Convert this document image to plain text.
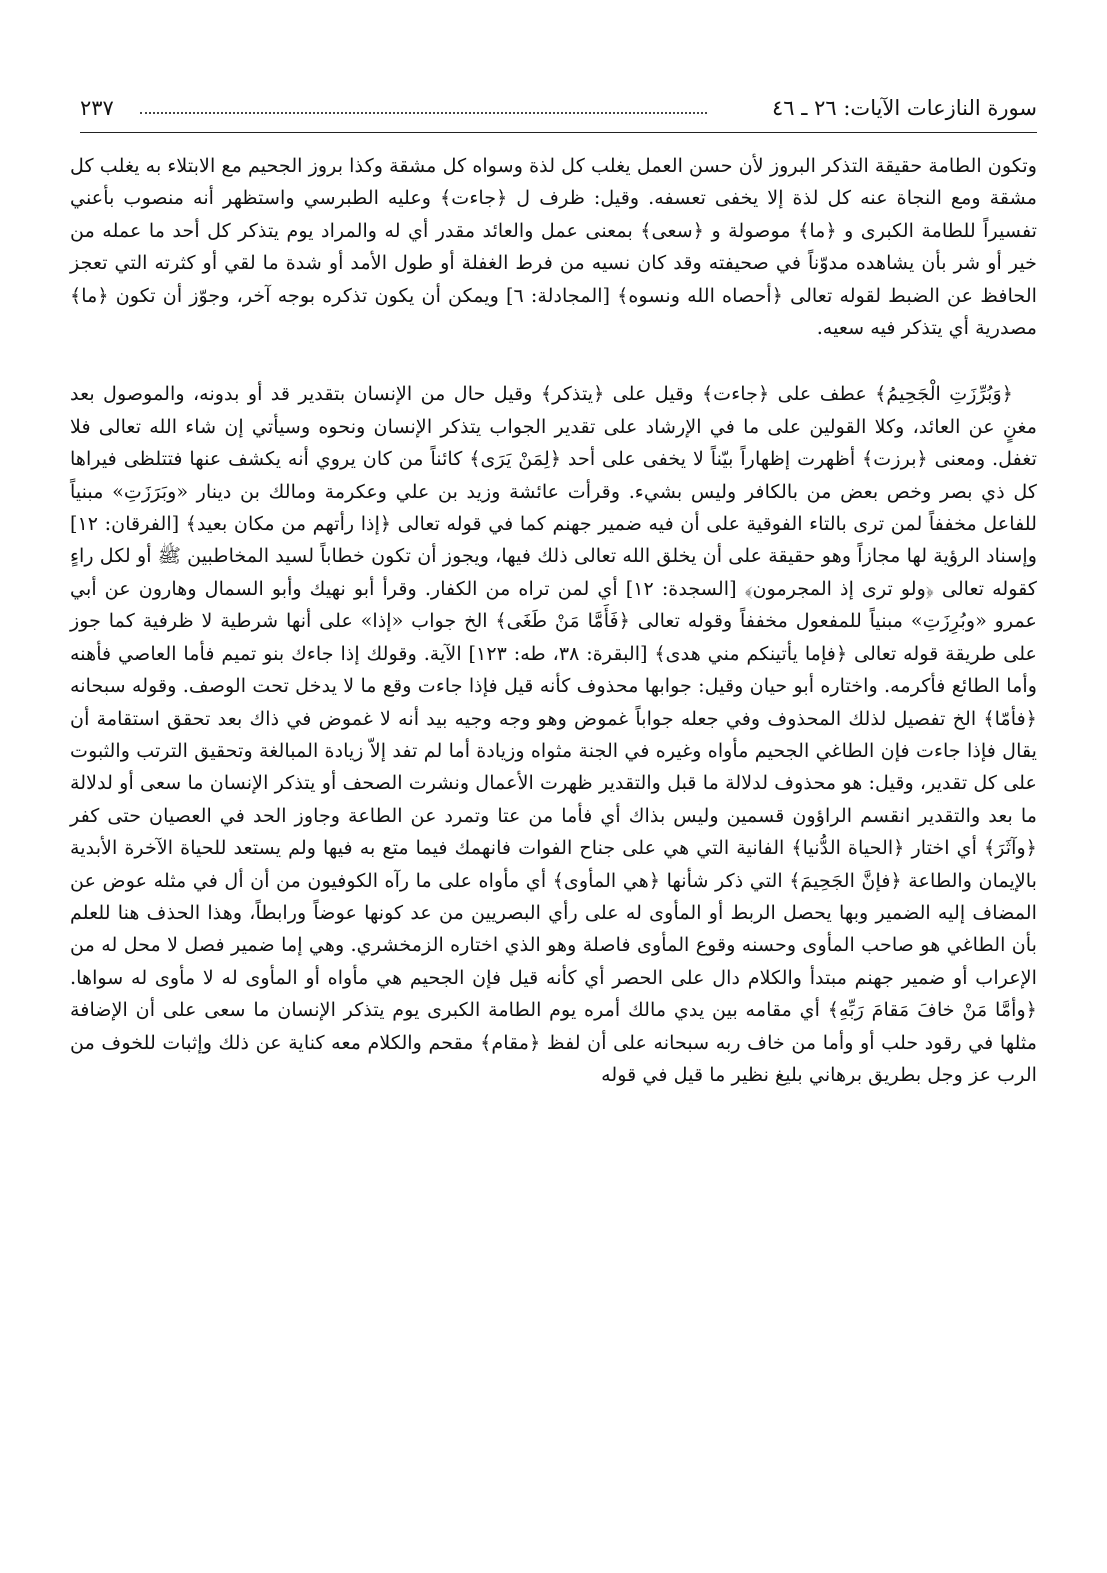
سورة النازعات الآيات: ٢٦ ـ ٤٦
٢٣٧

وتكون الطامة حقيقة التذكر البروز لأن حسن العمل يغلب كل لذة وسواه كل مشقة وكذا بروز الجحيم مع الابتلاء به يغلب كل مشقة ومع النجاة عنه كل لذة إلا يخفى تعسفه. وقيل: ظرف ل ﴿جاءت﴾ وعليه الطبرسي واستظهر أنه منصوب بأعني تفسيراً للطامة الكبرى و ﴿ما﴾ موصولة و ﴿سعى﴾ بمعنى عمل والعائد مقدر أي له والمراد يوم يتذكر كل أحد ما عمله من خير أو شر بأن يشاهده مدوّناً في صحيفته وقد كان نسيه من فرط الغفلة أو طول الأمد أو شدة ما لقي أو كثرته التي تعجز الحافظ عن الضبط لقوله تعالى ﴿أحصاه الله ونسوه﴾ [المجادلة: ٦] ويمكن أن يكون تذكره بوجه آخر، وجوّز أن تكون ﴿ما﴾ مصدرية أي يتذكر فيه سعيه.

﴿وَبُرِّزَتِ الْجَحِيمُ﴾ عطف على ﴿جاءت﴾ وقيل على ﴿يتذكر﴾ وقيل حال من الإنسان بتقدير قد أو بدونه، والموصول بعد مغنٍ عن العائد، وكلا القولين على ما في الإرشاد على تقدير الجواب يتذكر الإنسان ونحوه وسيأتي إن شاء الله تعالى فلا تغفل. ومعنى ﴿برزت﴾ أظهرت إظهاراً بيّناً لا يخفى على أحد ﴿لِمَنْ يَرَى﴾ كائناً من كان يروي أنه يكشف عنها فتتلظى فيراها كل ذي بصر وخص بعض من بالكافر وليس بشيء. وقرأت عائشة وزيد بن علي وعكرمة ومالك بن دينار «وبَرَزَتِ» مبنياً للفاعل مخففاً لمن ترى بالتاء الفوقية على أن فيه ضمير جهنم كما في قوله تعالى ﴿إذا رأتهم من مكان بعيد﴾ [الفرقان: ١٢] وإسناد الرؤية لها مجازاً وهو حقيقة على أن يخلق الله تعالى ذلك فيها، ويجوز أن تكون خطاباً لسيد المخاطبين ﷺ أو لكل راءٍ كقوله تعالى ﴿ولو ترى إذ المجرمون﴾ [السجدة: ١٢] أي لمن تراه من الكفار. وقرأ أبو نهيك وأبو السمال وهارون عن أبي عمرو «وبُرِزَتِ» مبنياً للمفعول مخففاً وقوله تعالى ﴿فَأَمَّا مَنْ طَغَى﴾ الخ جواب «إذا» على أنها شرطية لا ظرفية كما جوز على طريقة قوله تعالى ﴿فإما يأتينكم مني هدى﴾ [البقرة: ٣٨، طه: ١٢٣] الآية. وقولك إذا جاءك بنو تميم فأما العاصي فأهنه وأما الطائع فأكرمه. واختاره أبو حيان وقيل: جوابها محذوف كأنه قيل فإذا جاءت وقع ما لا يدخل تحت الوصف. وقوله سبحانه ﴿فأمّا﴾ الخ تفصيل لذلك المحذوف وفي جعله جواباً غموض وهو وجه وجيه بيد أنه لا غموض في ذاك بعد تحقق استقامة أن يقال فإذا جاءت فإن الطاغي الجحيم مأواه وغيره في الجنة مثواه وزيادة أما لم تفد إلاّ زيادة المبالغة وتحقيق الترتب والثبوت على كل تقدير، وقيل: هو محذوف لدلالة ما قبل والتقدير ظهرت الأعمال ونشرت الصحف أو يتذكر الإنسان ما سعى أو لدلالة ما بعد والتقدير انقسم الراؤون قسمين وليس بذاك أي فأما من عتا وتمرد عن الطاعة وجاوز الحد في العصيان حتى كفر ﴿وآثَرَ﴾ أي اختار ﴿الحياة الدُّنيا﴾ الفانية التي هي على جناح الفوات فانهمك فيما متع به فيها ولم يستعد للحياة الآخرة الأبدية بالإيمان والطاعة ﴿فإنَّ الجَحِيمَ﴾ التي ذكر شأنها ﴿هي المأوى﴾ أي مأواه على ما رآه الكوفيون من أن أل في مثله عوض عن المضاف إليه الضمير وبها يحصل الربط أو المأوى له على رأي البصريين من عد كونها عوضاً ورابطاً، وهذا الحذف هنا للعلم بأن الطاغي هو صاحب المأوى وحسنه وقوع المأوى فاصلة وهو الذي اختاره الزمخشري. وهي إما ضمير فصل لا محل له من الإعراب أو ضمير جهنم مبتدأ والكلام دال على الحصر أي كأنه قيل فإن الجحيم هي مأواه أو المأوى له لا مأوى له سواها. ﴿وأمَّا مَنْ خافَ مَقامَ رَبِّهِ﴾ أي مقامه بين يدي مالك أمره يوم الطامة الكبرى يوم يتذكر الإنسان ما سعى على أن الإضافة مثلها في رقود حلب أو وأما من خاف ربه سبحانه على أن لفظ ﴿مقام﴾ مقحم والكلام معه كناية عن ذلك وإثبات للخوف من الرب عز وجل بطريق برهاني بليغ نظير ما قيل في قوله
